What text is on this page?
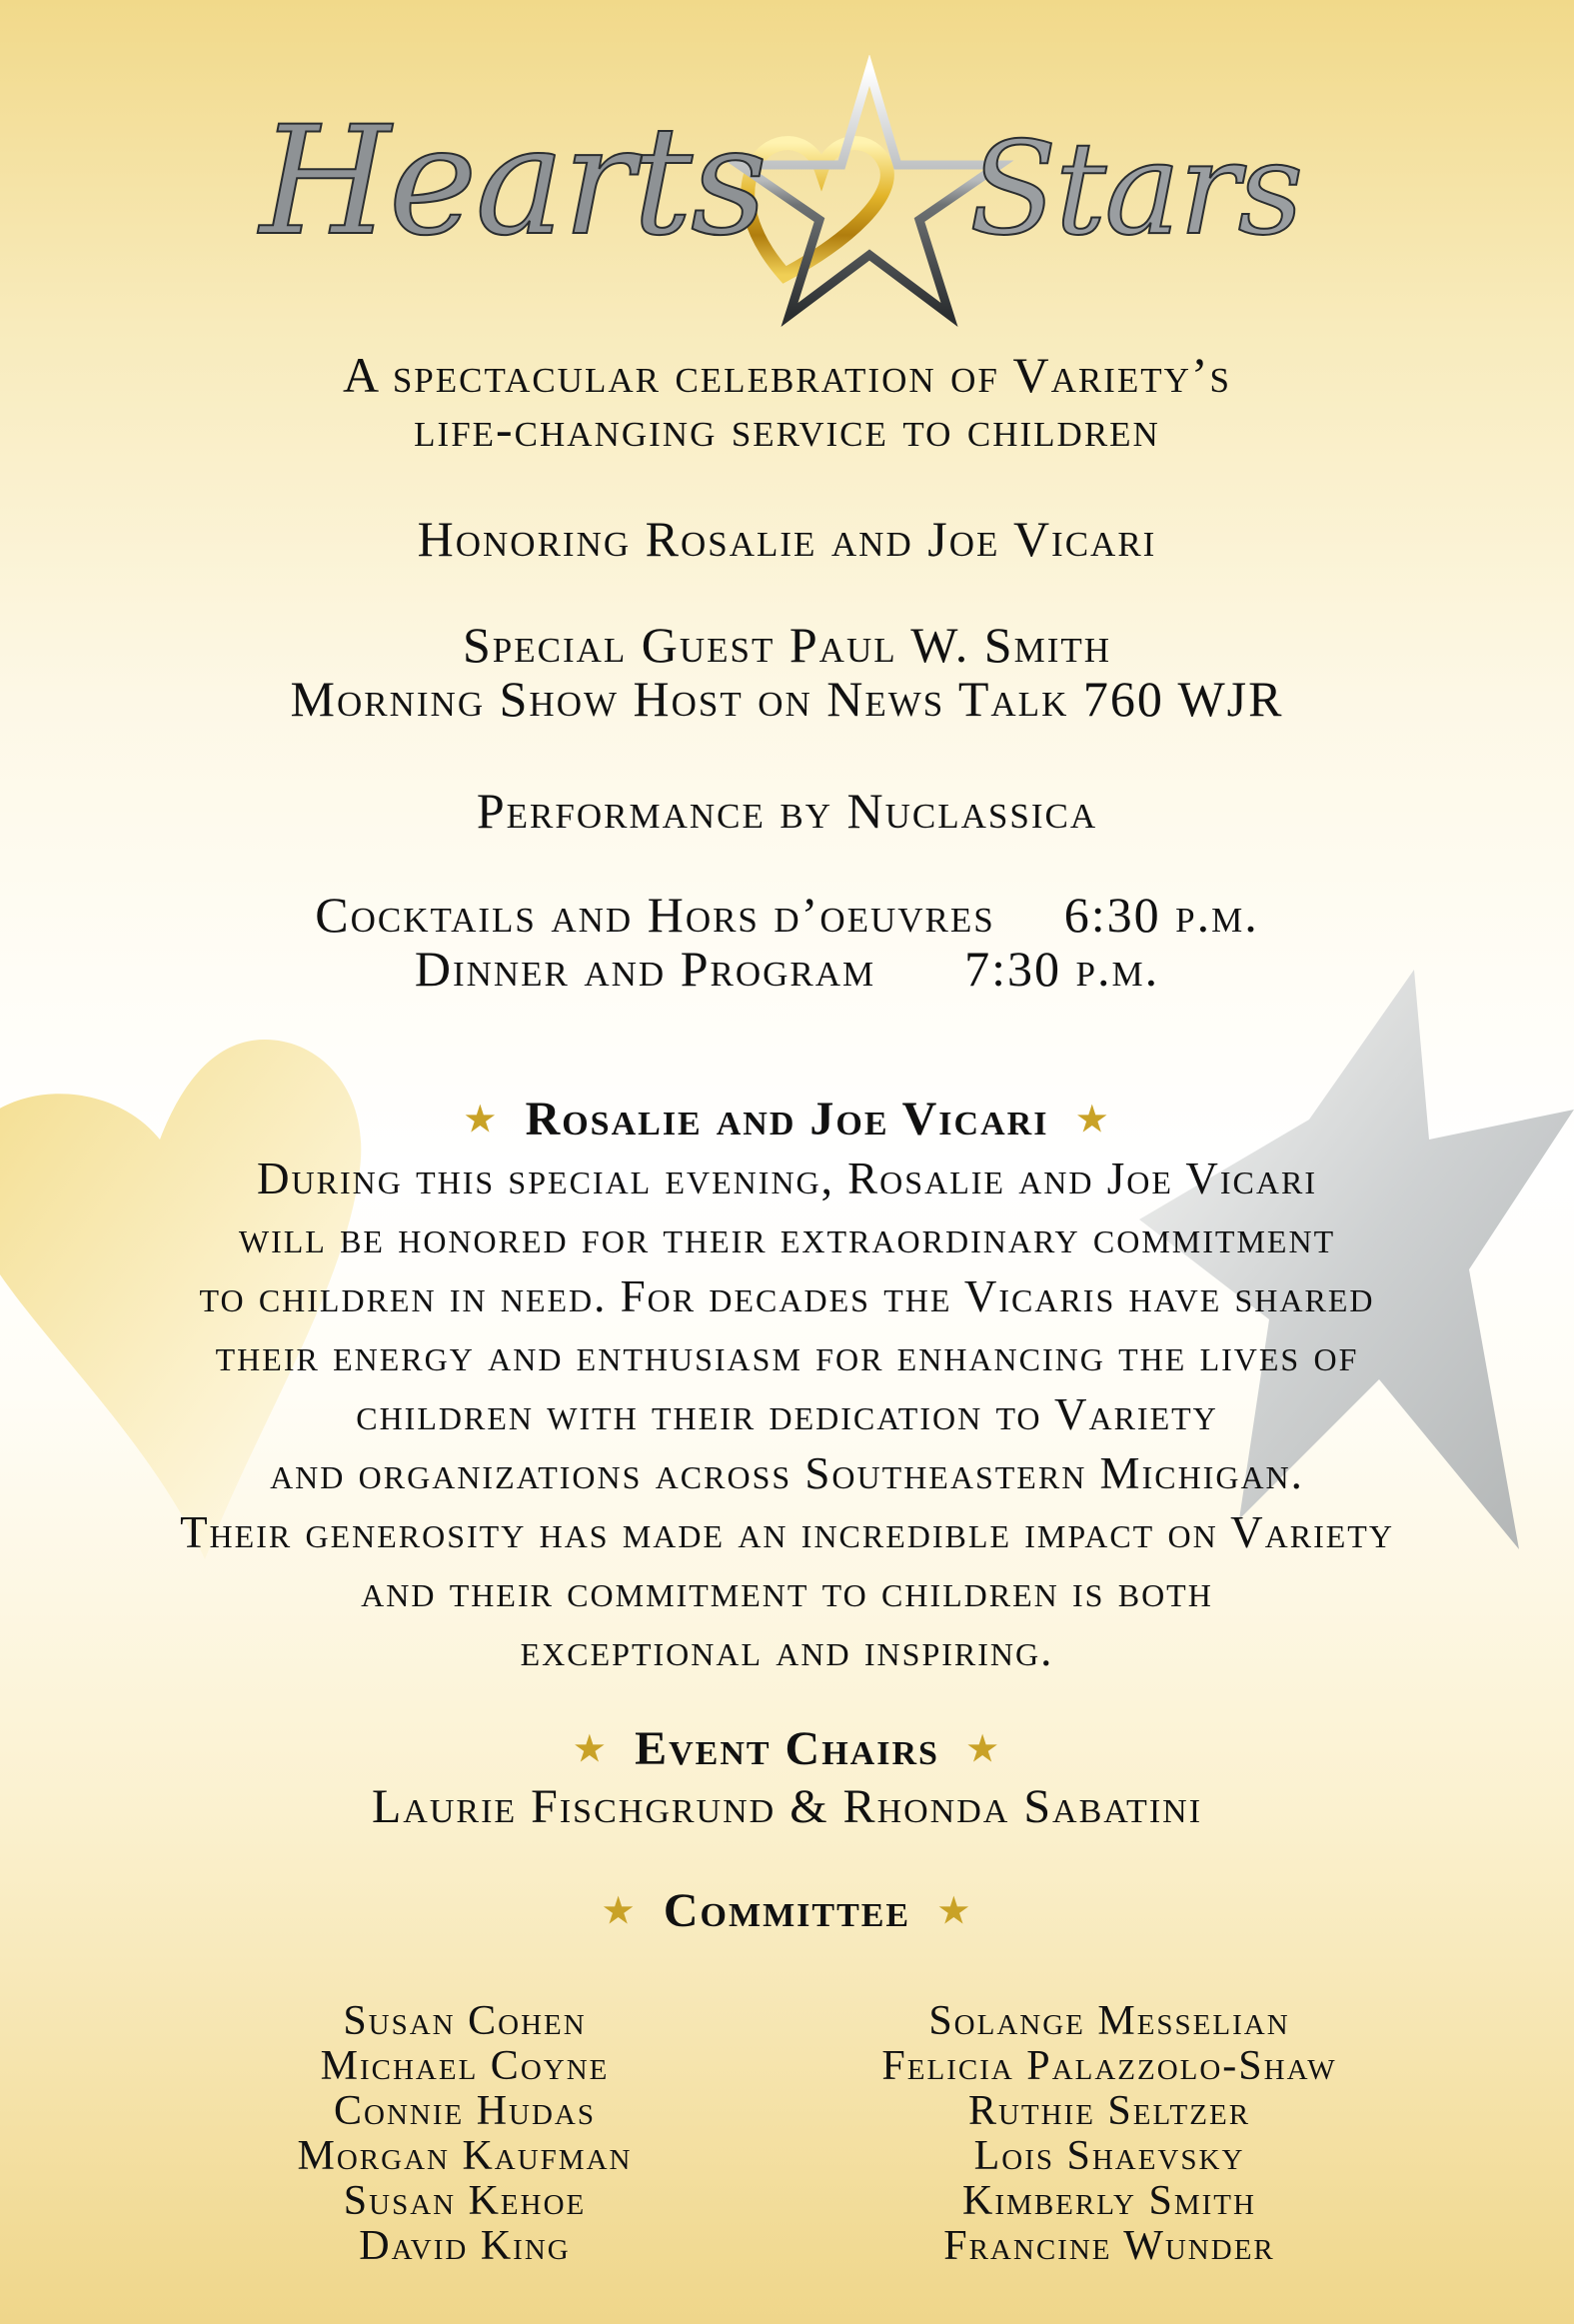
Hearts Stars

A spectacular celebration of Variety’s

life-changing service to children

Honoring Rosalie and Joe Vicari

Special Guest Paul W. Smith

Morning Show Host on News Talk 760 WJR

Performance by Nuclassica

Cocktails and Hors d’oeuvres 6:30 p.m.

Dinner and Program 7:30 p.m.

★ Rosalie and Joe Vicari ★

During this special evening, Rosalie and Joe Vicari

will be honored for their extraordinary commitment

to children in need. For decades the Vicaris have shared

their energy and enthusiasm for enhancing the lives of

children with their dedication to Variety

and organizations across Southeastern Michigan.

Their generosity has made an incredible impact on Variety

and their commitment to children is both

exceptional and inspiring.

★ Event Chairs ★
Laurie Fischgrund & Rhonda Sabatini
★ Committee ★
Susan Cohen
Michael Coyne
Connie Hudas
Morgan Kaufman
Susan Kehoe
David King
Solange Messelian
Felicia Palazzolo-Shaw
Ruthie Seltzer
Lois Shaevsky
Kimberly Smith
Francine Wunder
